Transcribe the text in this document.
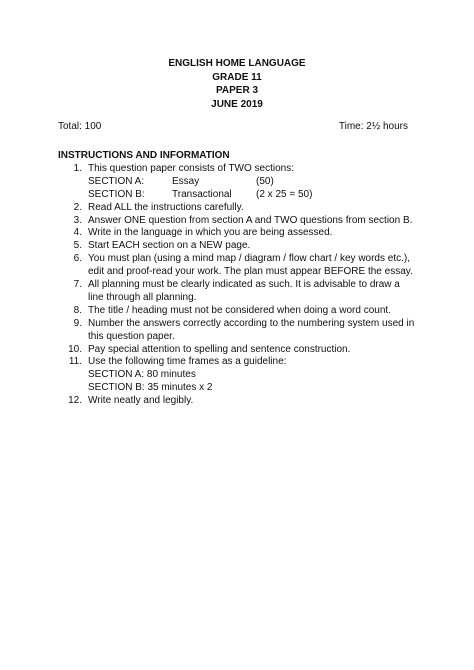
ENGLISH HOME LANGUAGE
GRADE 11
PAPER 3
JUNE 2019
Total: 100	Time: 2½ hours
INSTRUCTIONS AND INFORMATION
1. This question paper consists of TWO sections:
SECTION A:	Essay	(50)
SECTION B:	Transactional (2 x 25 = 50)
2. Read ALL the instructions carefully.
3. Answer ONE question from section A and TWO questions from section B.
4. Write in the language in which you are being assessed.
5. Start EACH section on a NEW page.
6. You must plan (using a mind map / diagram / flow chart / key words etc.), edit and proof-read your work. The plan must appear BEFORE the essay.
7. All planning must be clearly indicated as such. It is advisable to draw a line through all planning.
8. The title / heading must not be considered when doing a word count.
9. Number the answers correctly according to the numbering system used in this question paper.
10. Pay special attention to spelling and sentence construction.
11. Use the following time frames as a guideline:
SECTION A: 80 minutes
SECTION B: 35 minutes x 2
12. Write neatly and legibly.
